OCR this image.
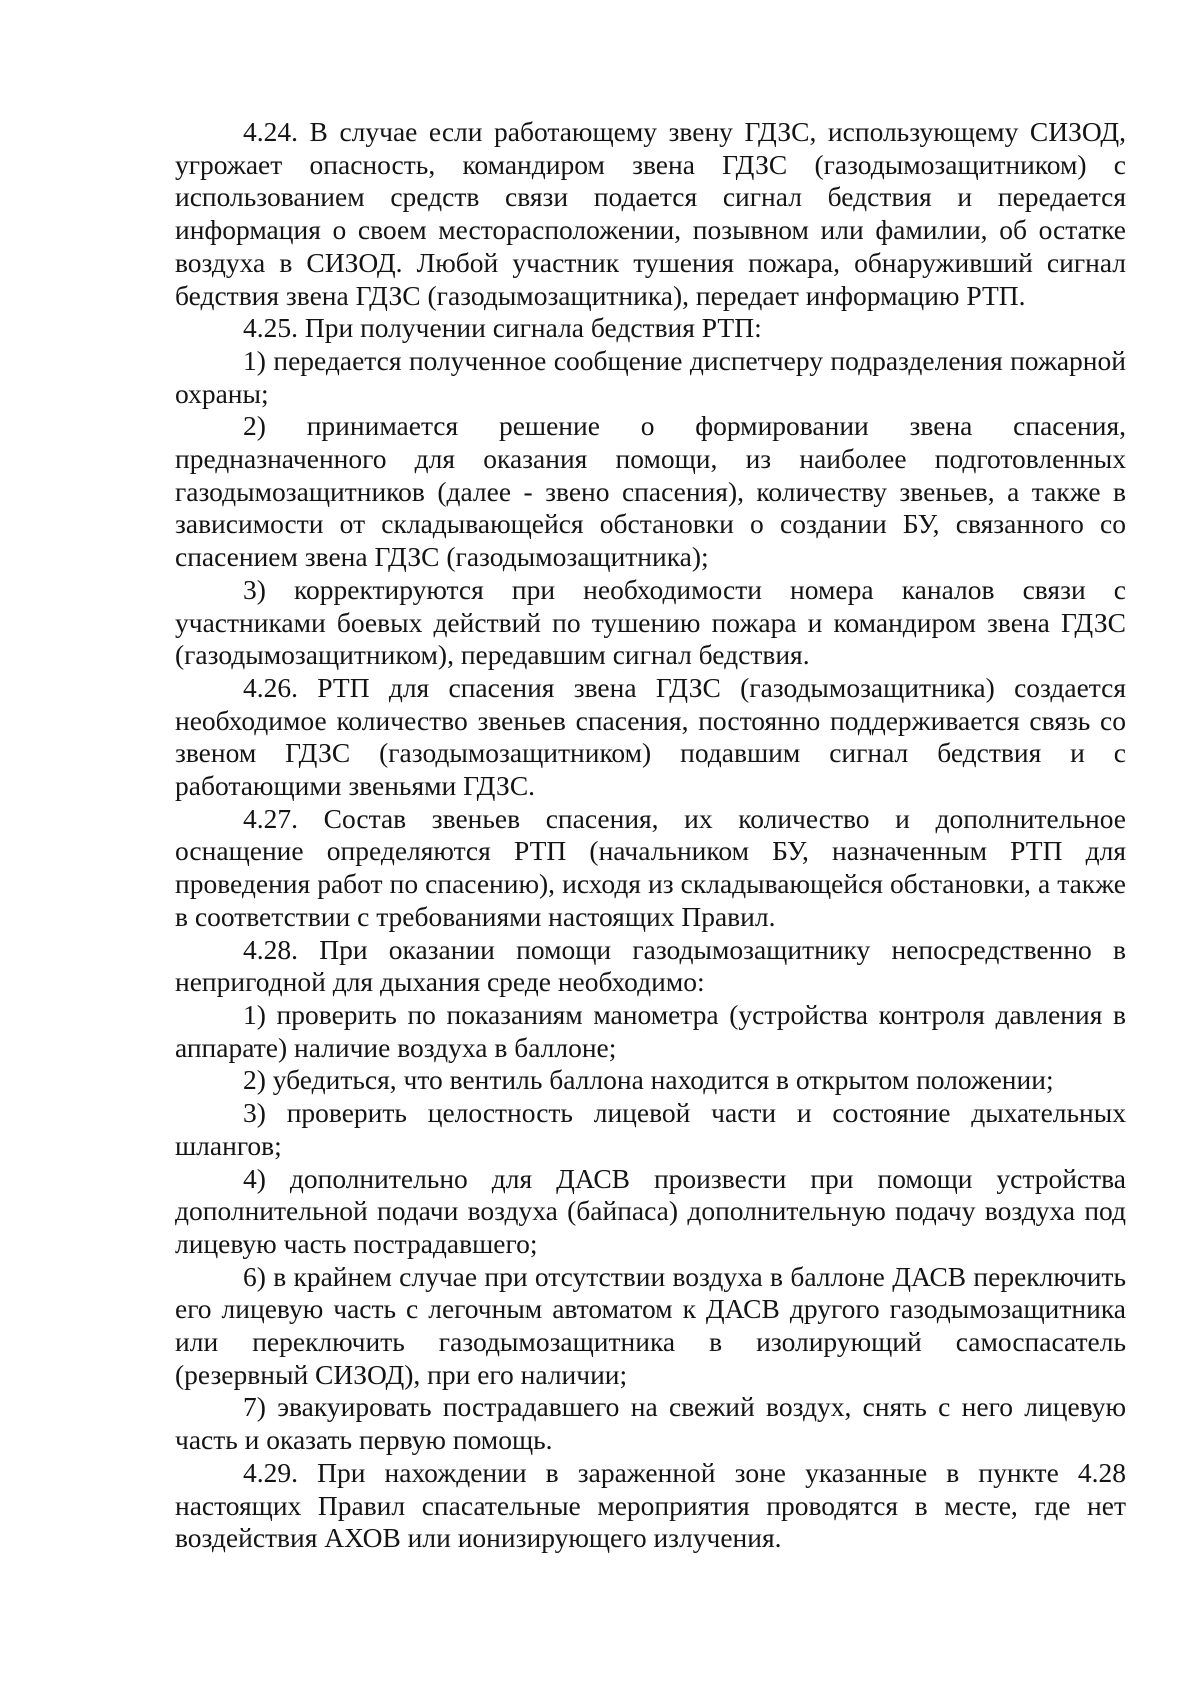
4.24. В случае если работающему звену ГДЗС, использующему СИЗОД, угрожает опасность, командиром звена ГДЗС (газодымозащитником) с использованием средств связи подается сигнал бедствия и передается информация о своем месторасположении, позывном или фамилии, об остатке воздуха в СИЗОД. Любой участник тушения пожара, обнаруживший сигнал бедствия звена ГДЗС (газодымозащитника), передает информацию РТП.

4.25. При получении сигнала бедствия РТП:

1) передается полученное сообщение диспетчеру подразделения пожарной охраны;

2) принимается решение о формировании звена спасения, предназначенного для оказания помощи, из наиболее подготовленных газодымозащитников (далее - звено спасения), количеству звеньев, а также в зависимости от складывающейся обстановки о создании БУ, связанного со спасением звена ГДЗС (газодымозащитника);

3) корректируются при необходимости номера каналов связи с участниками боевых действий по тушению пожара и командиром звена ГДЗС (газодымозащитником), передавшим сигнал бедствия.

4.26. РТП для спасения звена ГДЗС (газодымозащитника) создается необходимое количество звеньев спасения, постоянно поддерживается связь со звеном ГДЗС (газодымозащитником) подавшим сигнал бедствия и с работающими звеньями ГДЗС.

4.27. Состав звеньев спасения, их количество и дополнительное оснащение определяются РТП (начальником БУ, назначенным РТП для проведения работ по спасению), исходя из складывающейся обстановки, а также в соответствии с требованиями настоящих Правил.

4.28. При оказании помощи газодымозащитнику непосредственно в непригодной для дыхания среде необходимо:

1) проверить по показаниям манометра (устройства контроля давления в аппарате) наличие воздуха в баллоне;

2) убедиться, что вентиль баллона находится в открытом положении;

3) проверить целостность лицевой части и состояние дыхательных шлангов;

4) дополнительно для ДАСВ произвести при помощи устройства дополнительной подачи воздуха (байпаса) дополнительную подачу воздуха под лицевую часть пострадавшего;

6) в крайнем случае при отсутствии воздуха в баллоне ДАСВ переключить его лицевую часть с легочным автоматом к ДАСВ другого газодымозащитника или переключить газодымозащитника в изолирующий самоспасатель (резервный СИЗОД), при его наличии;

7) эвакуировать пострадавшего на свежий воздух, снять с него лицевую часть и оказать первую помощь.

4.29. При нахождении в зараженной зоне указанные в пункте 4.28 настоящих Правил спасательные мероприятия проводятся в месте, где нет воздействия АХОВ или ионизирующего излучения.
